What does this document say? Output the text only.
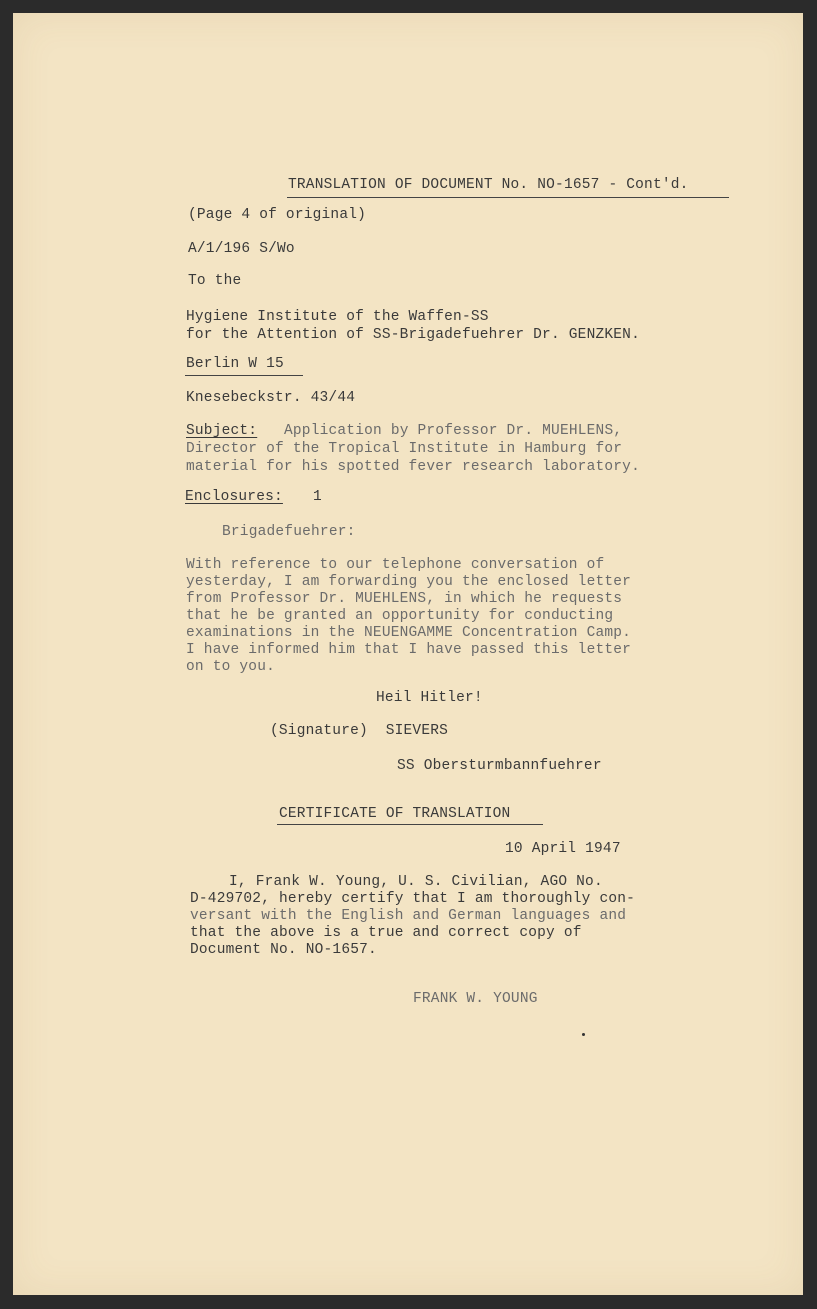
TRANSLATION OF DOCUMENT No. NO-1657 - Cont'd.
(Page 4 of original)
A/1/196 S/Wo
To the
Hygiene Institute of the Waffen-SS
for the Attention of SS-Brigadefuehrer Dr. GENZKEN.
Berlin W 15
Knesebeckstr. 43/44
Subject: Application by Professor Dr. MUEHLENS,
Director of the Tropical Institute in Hamburg for
material for his spotted fever research laboratory.
Enclosures: 1
Brigadefuehrer:
With reference to our telephone conversation of
yesterday, I am forwarding you the enclosed letter
from Professor Dr. MUEHLENS, in which he requests
that he be granted an opportunity for conducting
examinations in the NEUENGAMME Concentration Camp.
I have informed him that I have passed this letter
on to you.
Heil Hitler!
(Signature)  SIEVERS
SS Obersturmbannfuehrer
CERTIFICATE OF TRANSLATION
10 April 1947
I, Frank W. Young, U. S. Civilian, AGO No.
D-429702, hereby certify that I am thoroughly con-
versant with the English and German languages and
that the above is a true and correct copy of
Document No. NO-1657.
FRANK W. YOUNG
